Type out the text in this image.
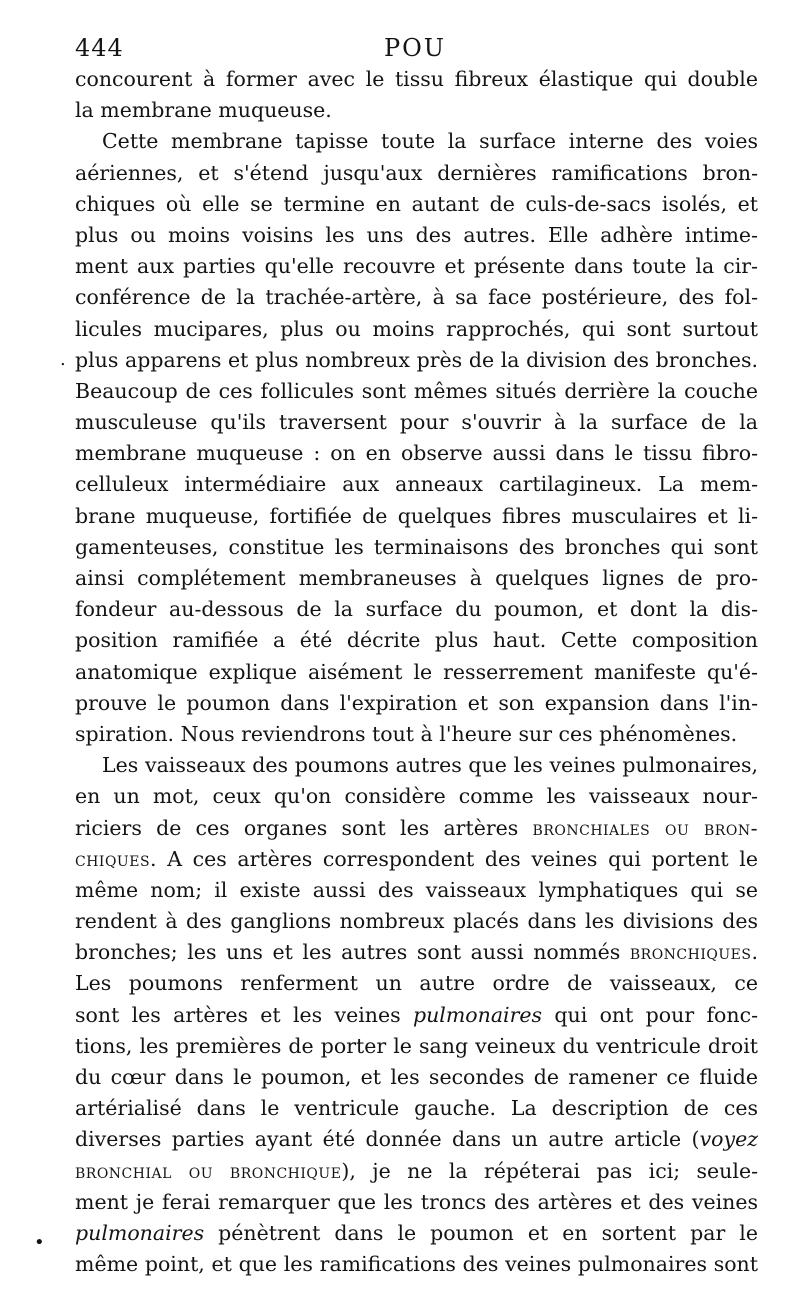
444	POU
.
•
concourent à former avec le tissu fibreux élastique qui double
la membrane muqueuse.
Cette membrane tapisse toute la surface interne des voies
aériennes, et s'étend jusqu'aux dernières ramifications bron-
chiques où elle se termine en autant de culs-de-sacs isolés, et
plus ou moins voisins les uns des autres. Elle adhère intime-
ment aux parties qu'elle recouvre et présente dans toute la cir-
conférence de la trachée-artère, à sa face postérieure, des fol-
licules mucipares, plus ou moins rapprochés, qui sont surtout
plus apparens et plus nombreux près de la division des bronches.
Beaucoup de ces follicules sont mêmes situés derrière la couche
musculeuse qu'ils traversent pour s'ouvrir à la surface de la
membrane muqueuse : on en observe aussi dans le tissu fibro-
celluleux intermédiaire aux anneaux cartilagineux. La mem-
brane muqueuse, fortifiée de quelques fibres musculaires et li-
gamenteuses, constitue les terminaisons des bronches qui sont
ainsi complétement membraneuses à quelques lignes de pro-
fondeur au-dessous de la surface du poumon, et dont la dis-
position ramifiée a été décrite plus haut. Cette composition
anatomique explique aisément le resserrement manifeste qu'é-
prouve le poumon dans l'expiration et son expansion dans l'in-
spiration. Nous reviendrons tout à l'heure sur ces phénomènes.
Les vaisseaux des poumons autres que les veines pulmonaires,
en un mot, ceux qu'on considère comme les vaisseaux nour-
riciers de ces organes sont les artères bronchiales ou bron-
chiques. A ces artères correspondent des veines qui portent le
même nom; il existe aussi des vaisseaux lymphatiques qui se
rendent à des ganglions nombreux placés dans les divisions des
bronches; les uns et les autres sont aussi nommés bronchiques.
Les poumons renferment un autre ordre de vaisseaux, ce
sont les artères et les veines pulmonaires qui ont pour fonc-
tions, les premières de porter le sang veineux du ventricule droit
du cœur dans le poumon, et les secondes de ramener ce fluide
artérialisé dans le ventricule gauche. La description de ces
diverses parties ayant été donnée dans un autre article (voyez
bronchial ou bronchique), je ne la répéterai pas ici; seule-
ment je ferai remarquer que les troncs des artères et des veines
pulmonaires pénètrent dans le poumon et en sortent par le
même point, et que les ramifications des veines pulmonaires sont
